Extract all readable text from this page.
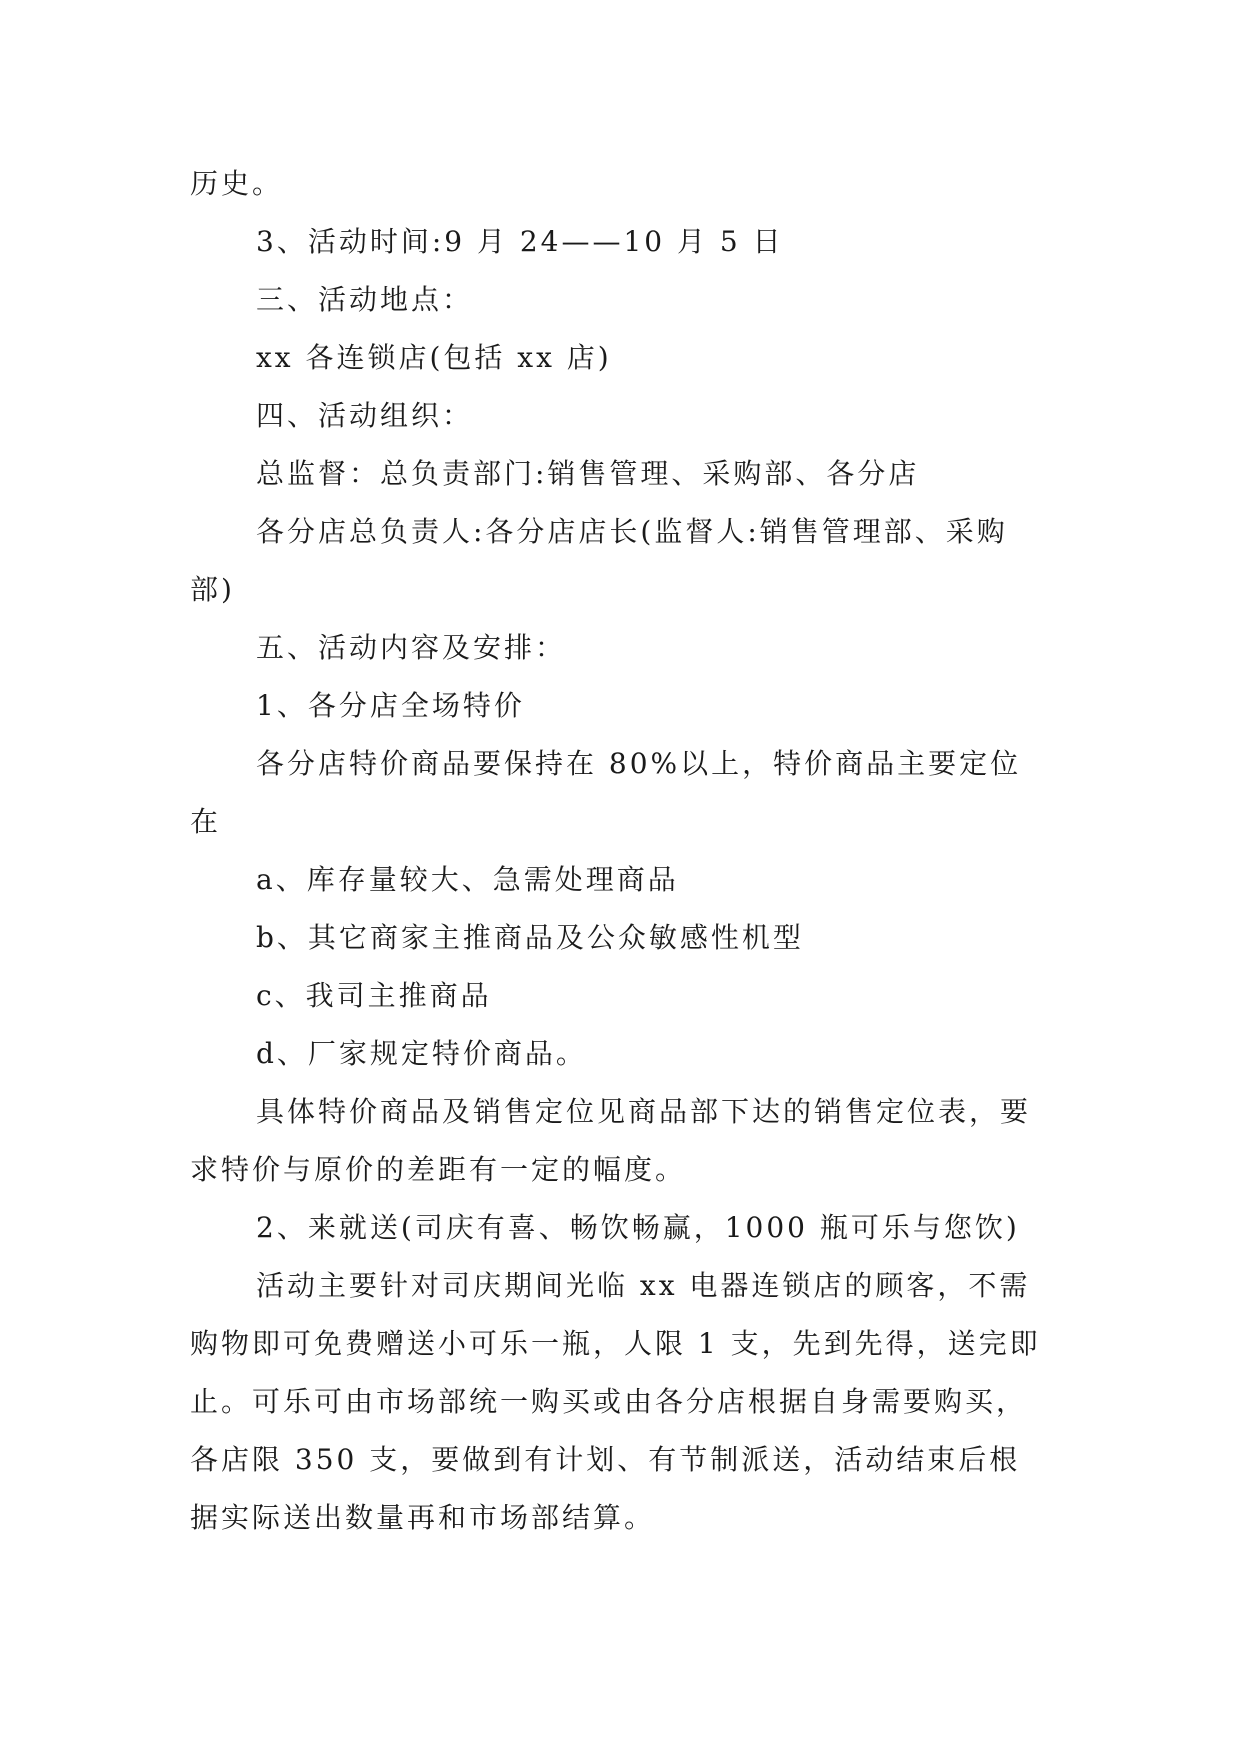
历史。

3、活动时间:9 月 24——10 月 5 日

三、活动地点：

xx 各连锁店(包括 xx 店)

四、活动组织：

总监督：总负责部门:销售管理、采购部、各分店

各分店总负责人:各分店店长(监督人:销售管理部、采购部)

五、活动内容及安排：

1、各分店全场特价

各分店特价商品要保持在 80%以上，特价商品主要定位在

a、库存量较大、急需处理商品

b、其它商家主推商品及公众敏感性机型

c、我司主推商品

d、厂家规定特价商品。

具体特价商品及销售定位见商品部下达的销售定位表，要求特价与原价的差距有一定的幅度。

2、来就送(司庆有喜、畅饮畅赢，1000 瓶可乐与您饮)

活动主要针对司庆期间光临 xx 电器连锁店的顾客，不需购物即可免费赠送小可乐一瓶，人限 1 支，先到先得，送完即止。可乐可由市场部统一购买或由各分店根据自身需要购买，各店限 350 支，要做到有计划、有节制派送，活动结束后根据实际送出数量再和市场部结算。
